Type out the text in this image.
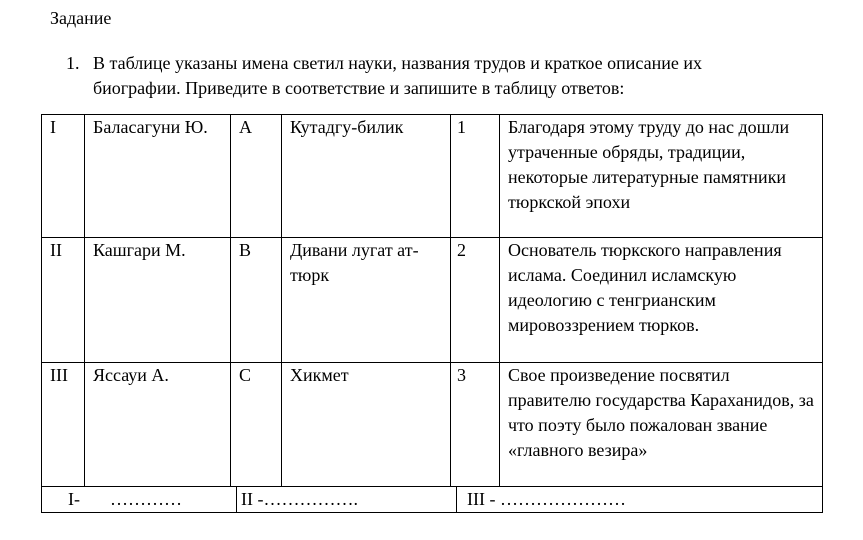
Задание
1. В таблице указаны имена светил науки, названия трудов и краткое описание их биографии. Приведите в соответствие и запишите в таблицу ответов:
I	Баласагуни Ю.	A	Кутадгу-билик	1	Благодаря этому труду до нас дошли утраченные обряды, традиции, некоторые литературные памятники тюркской эпохи
II	Кашгари М.	B	Дивани лугат ат-тюрк	2	Основатель тюркского направления ислама. Соединил исламскую идеологию с тенгрианским мировоззрением тюрков.
III	Яссауи А.	C	Хикмет	3	Свое произведение посвятил правителю государства Караханидов, за что поэту было пожалован звание «главного везира»
I- …………	II -…………….	III - …………………
